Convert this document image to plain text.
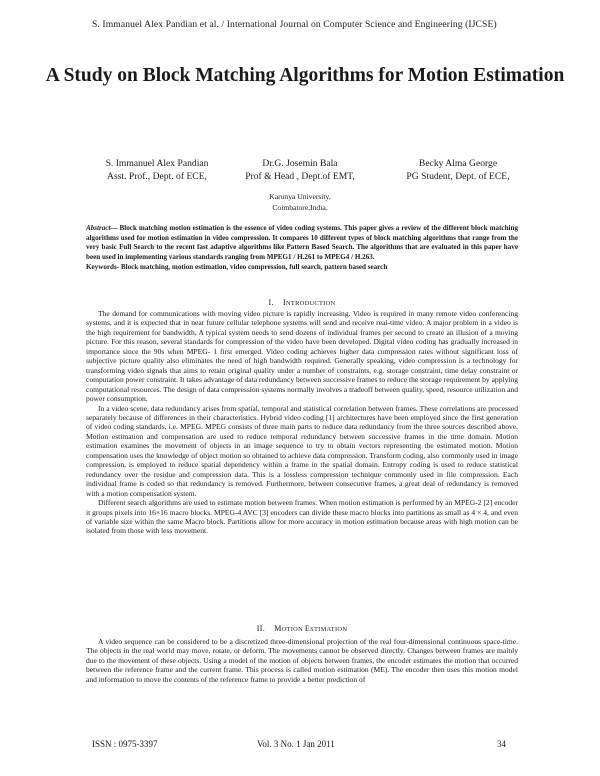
S. Immanuel Alex Pandian et al. / International Journal on Computer Science and Engineering (IJCSE)
A Study on Block Matching Algorithms for Motion Estimation
S. Immanuel Alex Pandian
Asst. Prof., Dept. of ECE,
Dr.G. Josemin Bala
Prof & Head , Dept.of EMT,
Becky Alma George
PG Student, Dept. of ECE,
Karunya University,
Coimbatore,India.
Abstract— Block matching motion estimation is the essence of video coding systems. This paper gives a review of the different block matching algorithms used for motion estimation in video compression. It compares 10 different types of block matching algorithms that range from the very basic Full Search to the recent fast adaptive algorithms like Pattern Based Search. The algorithms that are evaluated in this paper have been used in implementing various standards ranging from MPEG1 / H.261 to MPEG4 / H.263.
Keywords- Block matching, motion estimation, video compression, full search, pattern based search
I. INTRODUCTION

The demand for communications with moving video picture is rapidly increasing. Video is required in many remote video conferencing systems, and it is expected that in near future cellular telephone systems will send and receive real-time video. A major problem in a video is the high requirement for bandwidth. A typical system needs to send dozens of individual frames per second to create an illusion of a moving picture. For this reason, several standards for compression of the video have been developed. Digital video coding has gradually increased in importance since the 90s when MPEG- 1 first emerged. Video coding achieves higher data compression rates without significant loss of subjective picture quality also eliminates the need of high bandwidth required. Generally speaking, video compression is a technology for transforming video signals that aims to retain original quality under a number of constraints, e.g. storage constraint, time delay constraint or computation power constraint. It takes advantage of data redundancy between successive frames to reduce the storage requirement by applying computational resources. The design of data compression systems normally involves a tradeoff between quality, speed, resource utilization and power consumption.

In a video scene, data redundancy arises from spatial, temporal and statistical correlation between frames. These correlations are processed separately because of differences in their characteristics. Hybrid video coding [1] architectures have been employed since the first generation of video coding standards, i.e. MPEG. MPEG consists of three main parts to reduce data redundancy from the three sources described above. Motion estimation and compensation are used to reduce temporal redundancy between successive frames in the time domain. Motion estimation examines the movement of objects in an image sequence to try to obtain vectors representing the estimated motion. Motion compensation uses the knowledge of object motion so obtained to achieve data compression. Transform coding, also commonly used in image compression, is employed to reduce spatial dependency within a frame in the spatial domain. Entropy coding is used to reduce statistical redundancy over the residue and compression data. This is a lossless compression technique commonly used in file compression. Each individual frame is coded so that redundancy is removed. Furthermore, between consecutive frames, a great deal of redundancy is removed with a motion compensation system.

Different search algorithms are used to estimate motion between frames. When motion estimation is performed by an MPEG-2 [2] encoder it groups pixels into 16×16 macro blocks. MPEG-4 AVC [3] encoders can divide these macro blocks into partitions as small as 4 × 4, and even of variable size within the same Macro block. Partitions allow for more accuracy in motion estimation because areas with high motion can be isolated from those with less movement.

II. MOTION ESTIMATION

A video sequence can be considered to be a discretized three-dimensional projection of the real four-dimensional continuous space-time. The objects in the real world may move, rotate, or deform. The movements cannot be observed directly. Changes between frames are mainly due to the movement of these objects. Using a model of the motion of objects between frames, the encoder estimates the motion that occurred between the reference frame and the current frame. This process is called motion estimation (ME). The encoder then uses this motion model and information to move the contents of the reference frame to provide a better prediction of

ISSN : 0975-3397	Vol. 3 No. 1 Jan 2011	34
